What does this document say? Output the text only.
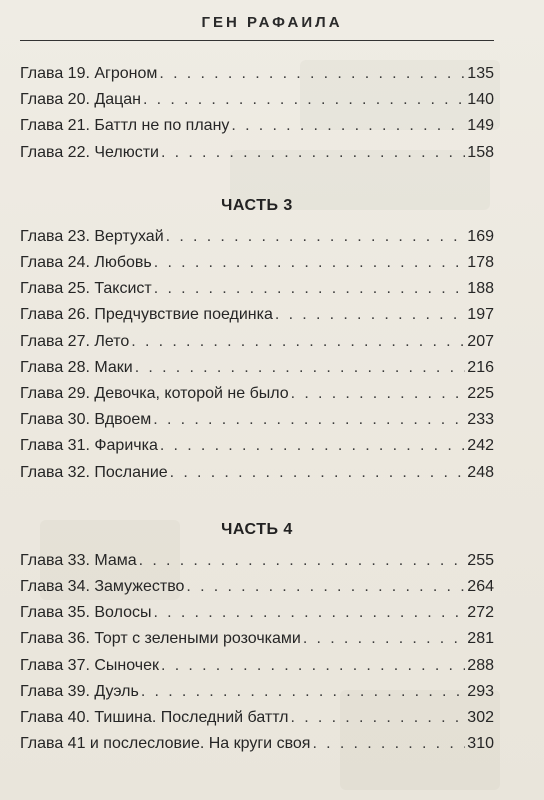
ГЕН РАФАИЛА
Глава 19. Агроном . . .	135
Глава 20. Дацан . . .	140
Глава 21. Баттл не по плану . . .	149
Глава 22. Челюсти . . .	158
ЧАСТЬ 3
Глава 23. Вертухай . . .	169
Глава 24. Любовь . . .	178
Глава 25. Таксист . . .	188
Глава 26. Предчувствие поединка . . .	197
Глава 27. Лето . . .	207
Глава 28. Маки . . .	216
Глава 29. Девочка, которой не было . . .	225
Глава 30. Вдвоем . . .	233
Глава 31. Фаричка . . .	242
Глава 32. Послание . . .	248
ЧАСТЬ 4
Глава 33. Мама . . .	255
Глава 34. Замужество . . .	264
Глава 35. Волосы . . .	272
Глава 36. Торт с зелеными розочками . . .	281
Глава 37. Сыночек . . .	288
Глава 39. Дуэль . . .	293
Глава 40. Тишина. Последний баттл . . .	302
Глава 41 и послесловие. На круги своя . . .	310
